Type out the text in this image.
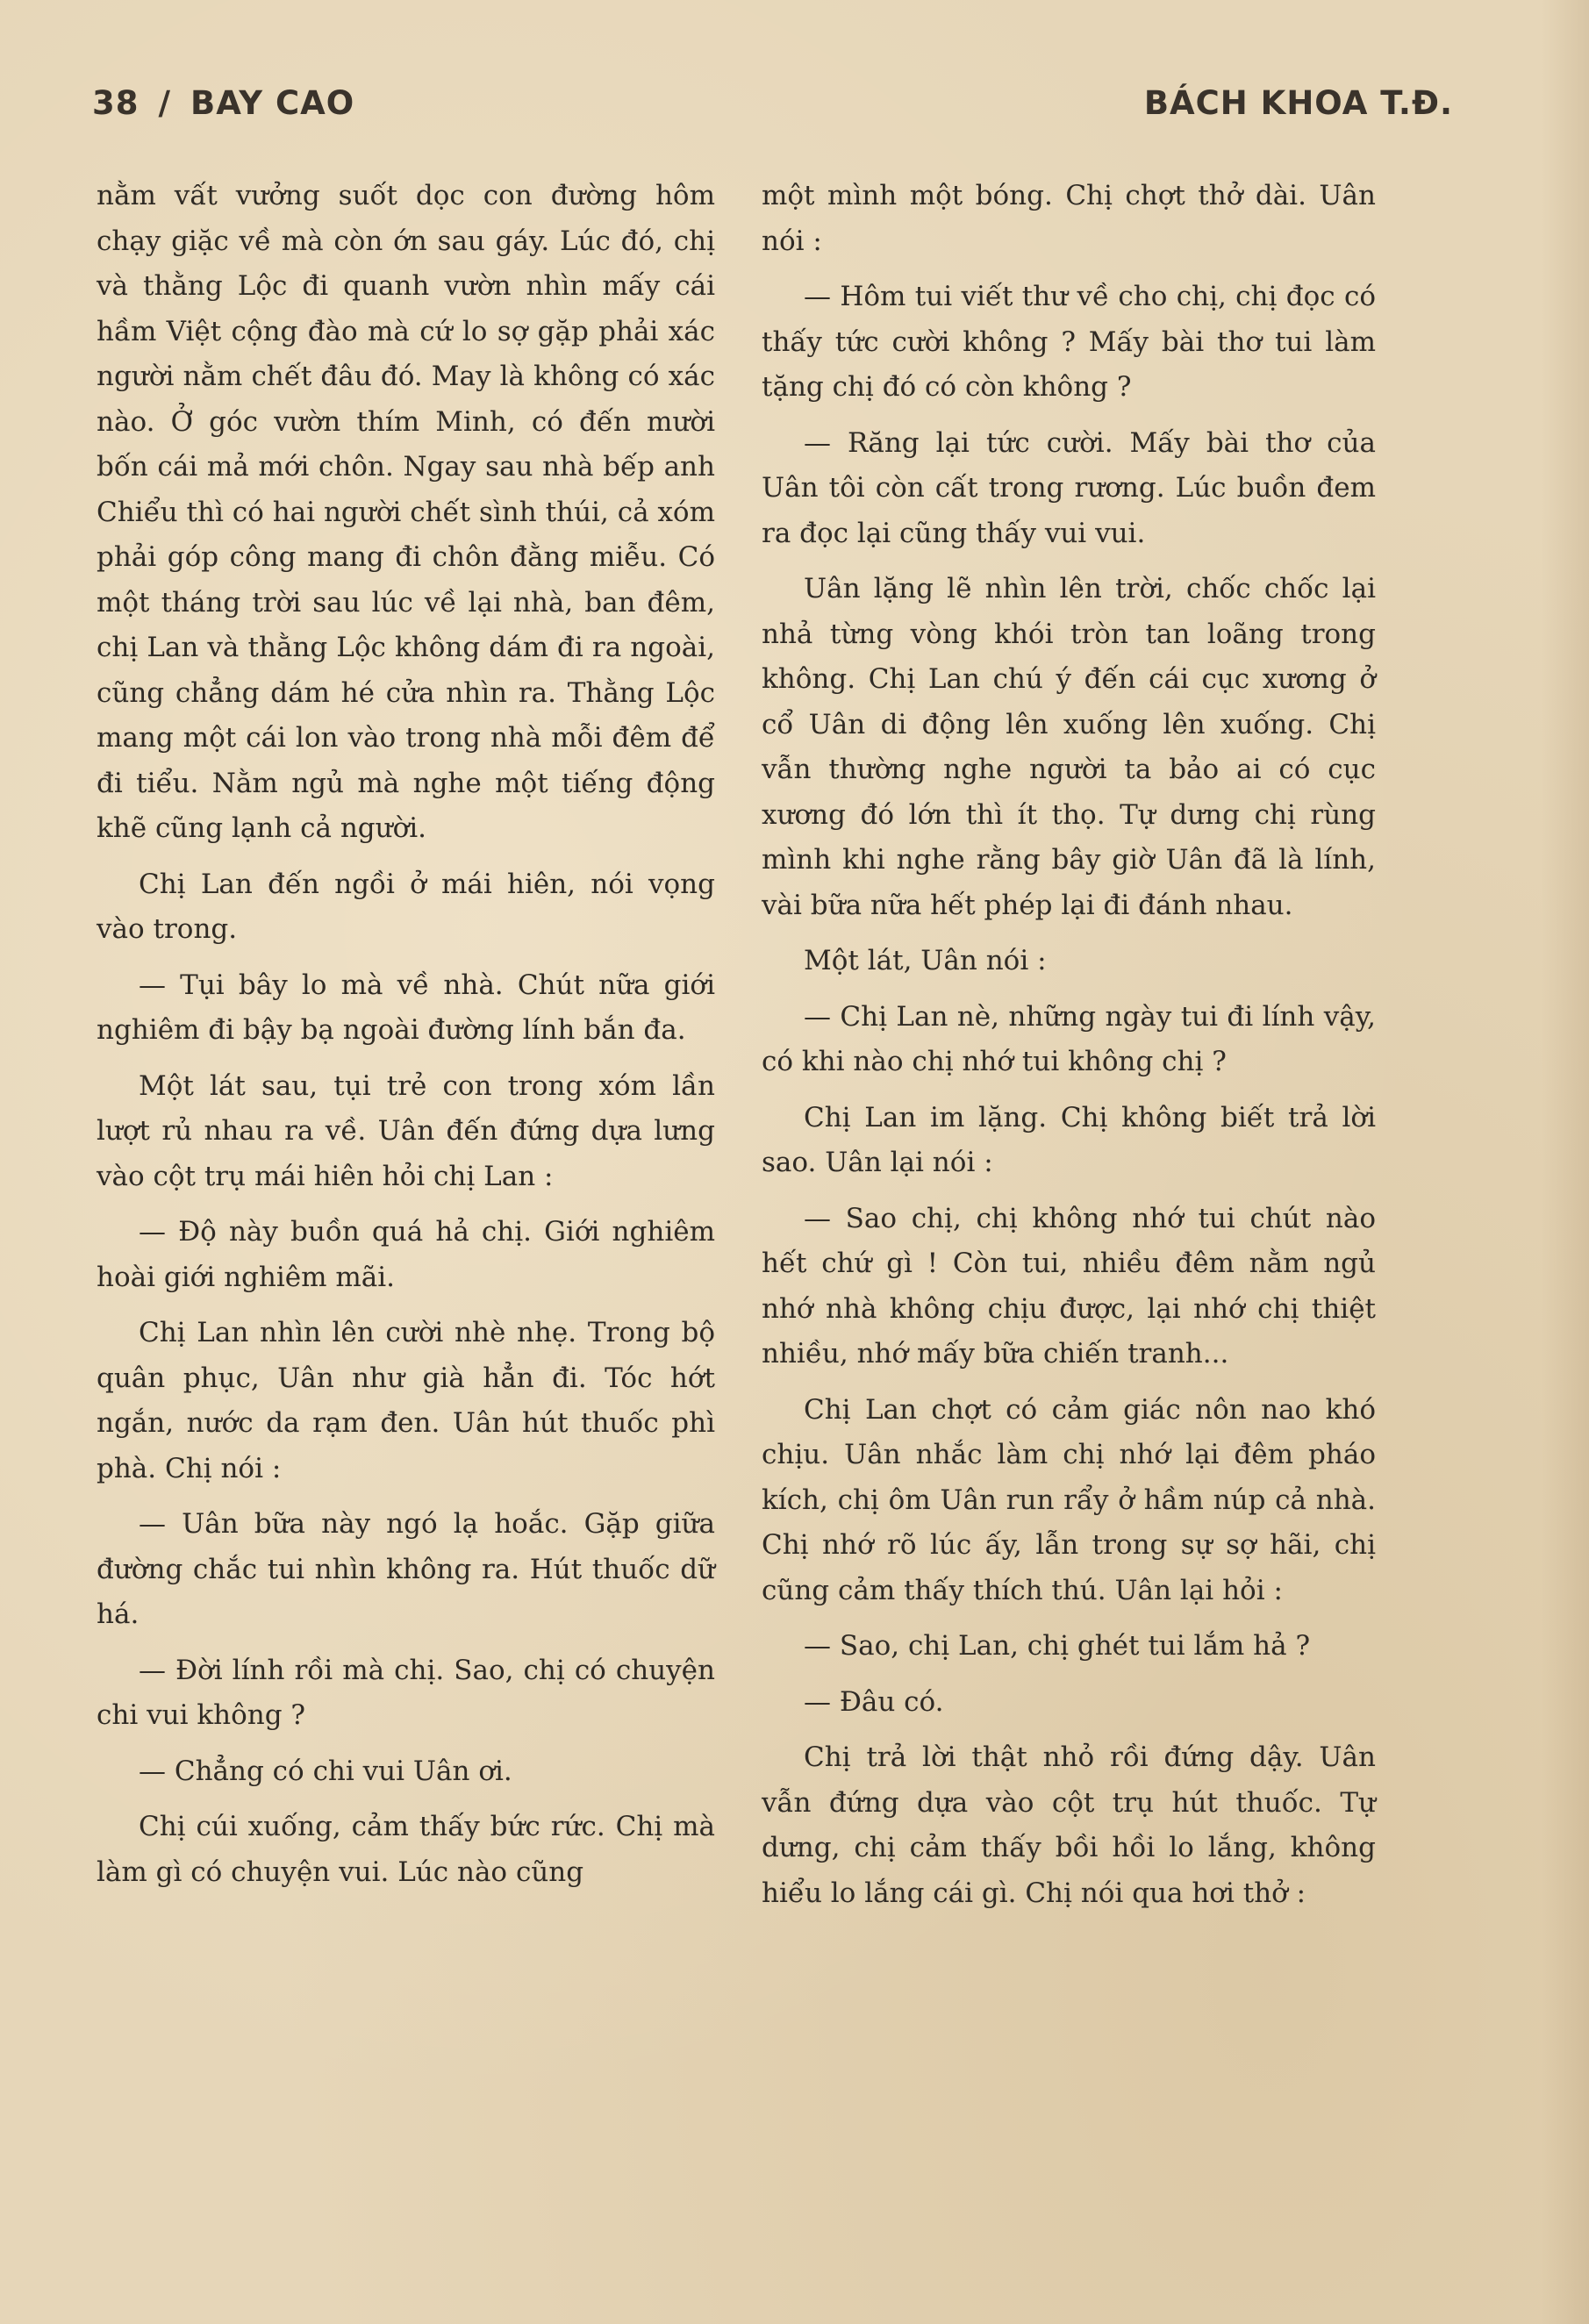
38 / BAY CAO	BÁCH KHOA T.Đ.

nằm vất vưởng suốt dọc con đường hôm chạy giặc về mà còn ớn sau gáy. Lúc đó, chị và thằng Lộc đi quanh vườn nhìn mấy cái hầm Việt cộng đào mà cứ lo sợ gặp phải xác người nằm chết đâu đó. May là không có xác nào. Ở góc vườn thím Minh, có đến mười bốn cái mả mới chôn. Ngay sau nhà bếp anh Chiểu thì có hai người chết sình thúi, cả xóm phải góp công mang đi chôn đằng miễu. Có một tháng trời sau lúc về lại nhà, ban đêm, chị Lan và thằng Lộc không dám đi ra ngoài, cũng chẳng dám hé cửa nhìn ra. Thằng Lộc mang một cái lon vào trong nhà mỗi đêm để đi tiểu. Nằm ngủ mà nghe một tiếng động khẽ cũng lạnh cả người.

Chị Lan đến ngồi ở mái hiên, nói vọng vào trong.

— Tụi bây lo mà về nhà. Chút nữa giới nghiêm đi bậy bạ ngoài đường lính bắn đa.

Một lát sau, tụi trẻ con trong xóm lần lượt rủ nhau ra về. Uân đến đứng dựa lưng vào cột trụ mái hiên hỏi chị Lan :

— Độ này buồn quá hả chị. Giới nghiêm hoài giới nghiêm mãi.

Chị Lan nhìn lên cười nhè nhẹ. Trong bộ quân phục, Uân như già hẳn đi. Tóc hớt ngắn, nước da rạm đen. Uân hút thuốc phì phà. Chị nói :

— Uân bữa này ngó lạ hoắc. Gặp giữa đường chắc tui nhìn không ra. Hút thuốc dữ há.

— Đời lính rồi mà chị. Sao, chị có chuyện chi vui không ?

— Chẳng có chi vui Uân ơi.

Chị cúi xuống, cảm thấy bức rức. Chị mà làm gì có chuyện vui. Lúc nào cũng

một mình một bóng. Chị chợt thở dài. Uân nói :

— Hôm tui viết thư về cho chị, chị đọc có thấy tức cười không ? Mấy bài thơ tui làm tặng chị đó có còn không ?

— Răng lại tức cười. Mấy bài thơ của Uân tôi còn cất trong rương. Lúc buồn đem ra đọc lại cũng thấy vui vui.

Uân lặng lẽ nhìn lên trời, chốc chốc lại nhả từng vòng khói tròn tan loãng trong không. Chị Lan chú ý đến cái cục xương ở cổ Uân di động lên xuống lên xuống. Chị vẫn thường nghe người ta bảo ai có cục xương đó lớn thì ít thọ. Tự dưng chị rùng mình khi nghe rằng bây giờ Uân đã là lính, vài bữa nữa hết phép lại đi đánh nhau.

Một lát, Uân nói :

— Chị Lan nè, những ngày tui đi lính vậy, có khi nào chị nhớ tui không chị ?

Chị Lan im lặng. Chị không biết trả lời sao. Uân lại nói :

— Sao chị, chị không nhớ tui chút nào hết chứ gì ! Còn tui, nhiều đêm nằm ngủ nhớ nhà không chịu được, lại nhớ chị thiệt nhiều, nhớ mấy bữa chiến tranh...

Chị Lan chợt có cảm giác nôn nao khó chịu. Uân nhắc làm chị nhớ lại đêm pháo kích, chị ôm Uân run rẩy ở hầm núp cả nhà. Chị nhớ rõ lúc ấy, lẫn trong sự sợ hãi, chị cũng cảm thấy thích thú. Uân lại hỏi :

— Sao, chị Lan, chị ghét tui lắm hả ?

— Đâu có.

Chị trả lời thật nhỏ rồi đứng dậy. Uân vẫn đứng dựa vào cột trụ hút thuốc. Tự dưng, chị cảm thấy bồi hồi lo lắng, không hiểu lo lắng cái gì. Chị nói qua hơi thở :
